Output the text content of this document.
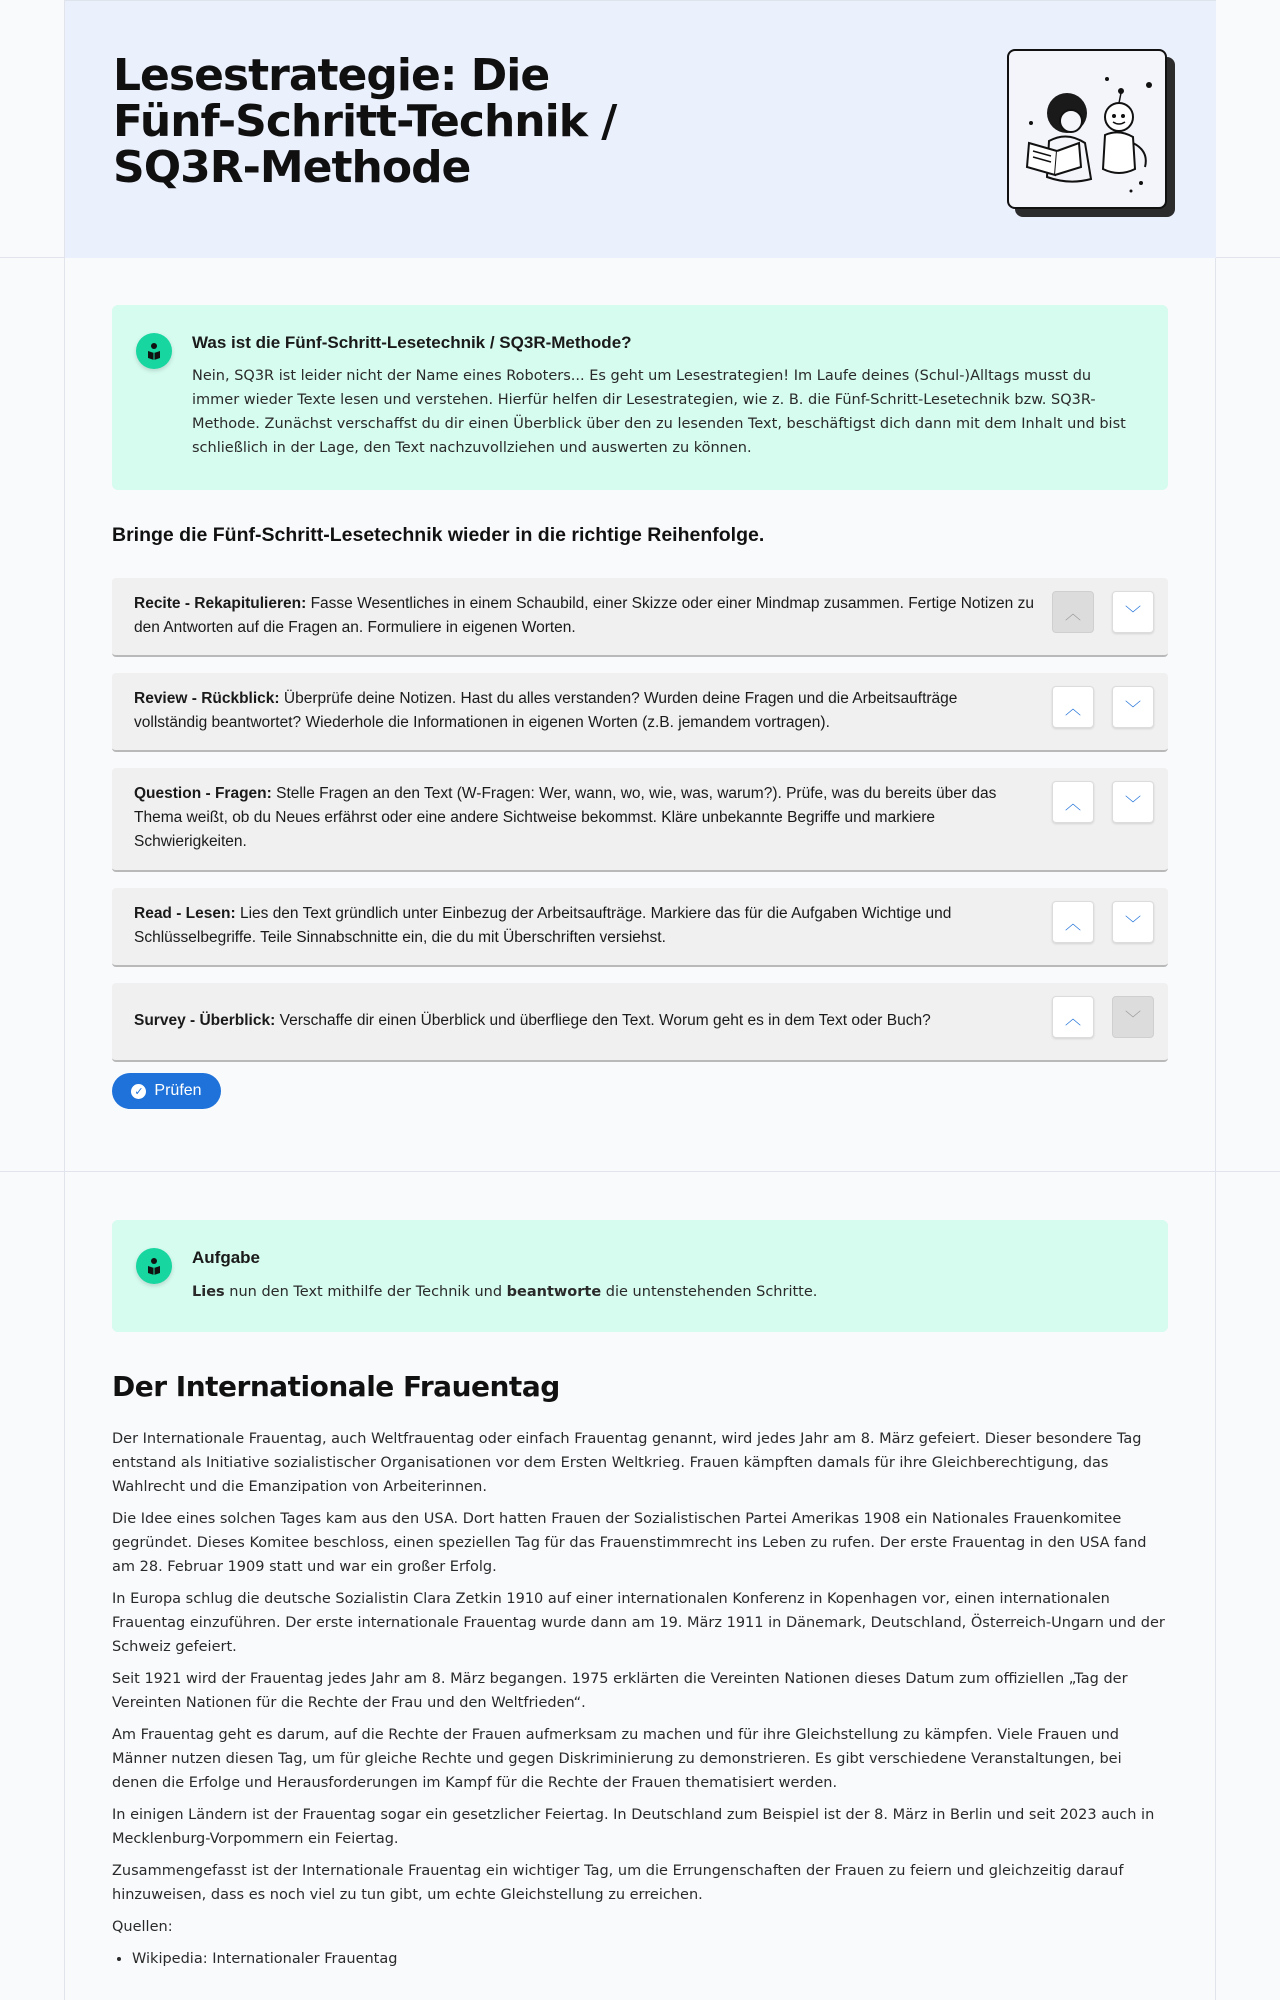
Lesestrategie: Die Fünf-Schritt-Technik / SQ3R-Methode
Was ist die Fünf-Schritt-Lesetechnik / SQ3R-Methode?
Nein, SQ3R ist leider nicht der Name eines Roboters... Es geht um Lesestrategien! Im Laufe deines (Schul-)Alltags musst du immer wieder Texte lesen und verstehen. Hierfür helfen dir Lesestrategien, wie z. B. die Fünf-Schritt-Lesetechnik bzw. SQ3R-Methode. Zunächst verschaffst du dir einen Überblick über den zu lesenden Text, beschäftigst dich dann mit dem Inhalt und bist schließlich in der Lage, den Text nachzuvollziehen und auswerten zu können.
Bringe die Fünf-Schritt-Lesetechnik wieder in die richtige Reihenfolge.
Recite - Rekapitulieren: Fasse Wesentliches in einem Schaubild, einer Skizze oder einer Mindmap zusammen. Fertige Notizen zu den Antworten auf die Fragen an. Formuliere in eigenen Worten.
︿	﹀
Review - Rückblick: Überprüfe deine Notizen. Hast du alles verstanden? Wurden deine Fragen und die Arbeitsaufträge vollständig beantwortet? Wiederhole die Informationen in eigenen Worten (z.B. jemandem vortragen).
︿	﹀
Question - Fragen: Stelle Fragen an den Text (W-Fragen: Wer, wann, wo, wie, was, warum?). Prüfe, was du bereits über das Thema weißt, ob du Neues erfährst oder eine andere Sichtweise bekommst. Kläre unbekannte Begriffe und markiere Schwierigkeiten.
︿	﹀
Read - Lesen: Lies den Text gründlich unter Einbezug der Arbeitsaufträge. Markiere das für die Aufgaben Wichtige und Schlüsselbegriffe. Teile Sinnabschnitte ein, die du mit Überschriften versiehst.
︿	﹀
Survey - Überblick: Verschaffe dir einen Überblick und überfliege den Text. Worum geht es in dem Text oder Buch?	︿	﹀
✓ Prüfen
Aufgabe
Lies nun den Text mithilfe der Technik und beantworte die untenstehenden Schritte.
Der Internationale Frauentag

Der Internationale Frauentag, auch Weltfrauentag oder einfach Frauentag genannt, wird jedes Jahr am 8. März gefeiert. Dieser besondere Tag entstand als Initiative sozialistischer Organisationen vor dem Ersten Weltkrieg. Frauen kämpften damals für ihre Gleichberechtigung, das Wahlrecht und die Emanzipation von Arbeiterinnen.

Die Idee eines solchen Tages kam aus den USA. Dort hatten Frauen der Sozialistischen Partei Amerikas 1908 ein Nationales Frauenkomitee gegründet. Dieses Komitee beschloss, einen speziellen Tag für das Frauenstimmrecht ins Leben zu rufen. Der erste Frauentag in den USA fand am 28. Februar 1909 statt und war ein großer Erfolg.

In Europa schlug die deutsche Sozialistin Clara Zetkin 1910 auf einer internationalen Konferenz in Kopenhagen vor, einen internationalen Frauentag einzuführen. Der erste internationale Frauentag wurde dann am 19. März 1911 in Dänemark, Deutschland, Österreich-Ungarn und der Schweiz gefeiert.

Seit 1921 wird der Frauentag jedes Jahr am 8. März begangen. 1975 erklärten die Vereinten Nationen dieses Datum zum offiziellen „Tag der Vereinten Nationen für die Rechte der Frau und den Weltfrieden“.

Am Frauentag geht es darum, auf die Rechte der Frauen aufmerksam zu machen und für ihre Gleichstellung zu kämpfen. Viele Frauen und Männer nutzen diesen Tag, um für gleiche Rechte und gegen Diskriminierung zu demonstrieren. Es gibt verschiedene Veranstaltungen, bei denen die Erfolge und Herausforderungen im Kampf für die Rechte der Frauen thematisiert werden.

In einigen Ländern ist der Frauentag sogar ein gesetzlicher Feiertag. In Deutschland zum Beispiel ist der 8. März in Berlin und seit 2023 auch in Mecklenburg-Vorpommern ein Feiertag.

Zusammengefasst ist der Internationale Frauentag ein wichtiger Tag, um die Errungenschaften der Frauen zu feiern und gleichzeitig darauf hinzuweisen, dass es noch viel zu tun gibt, um echte Gleichstellung zu erreichen.

Quellen:

• Wikipedia: Internationaler Frauentag
